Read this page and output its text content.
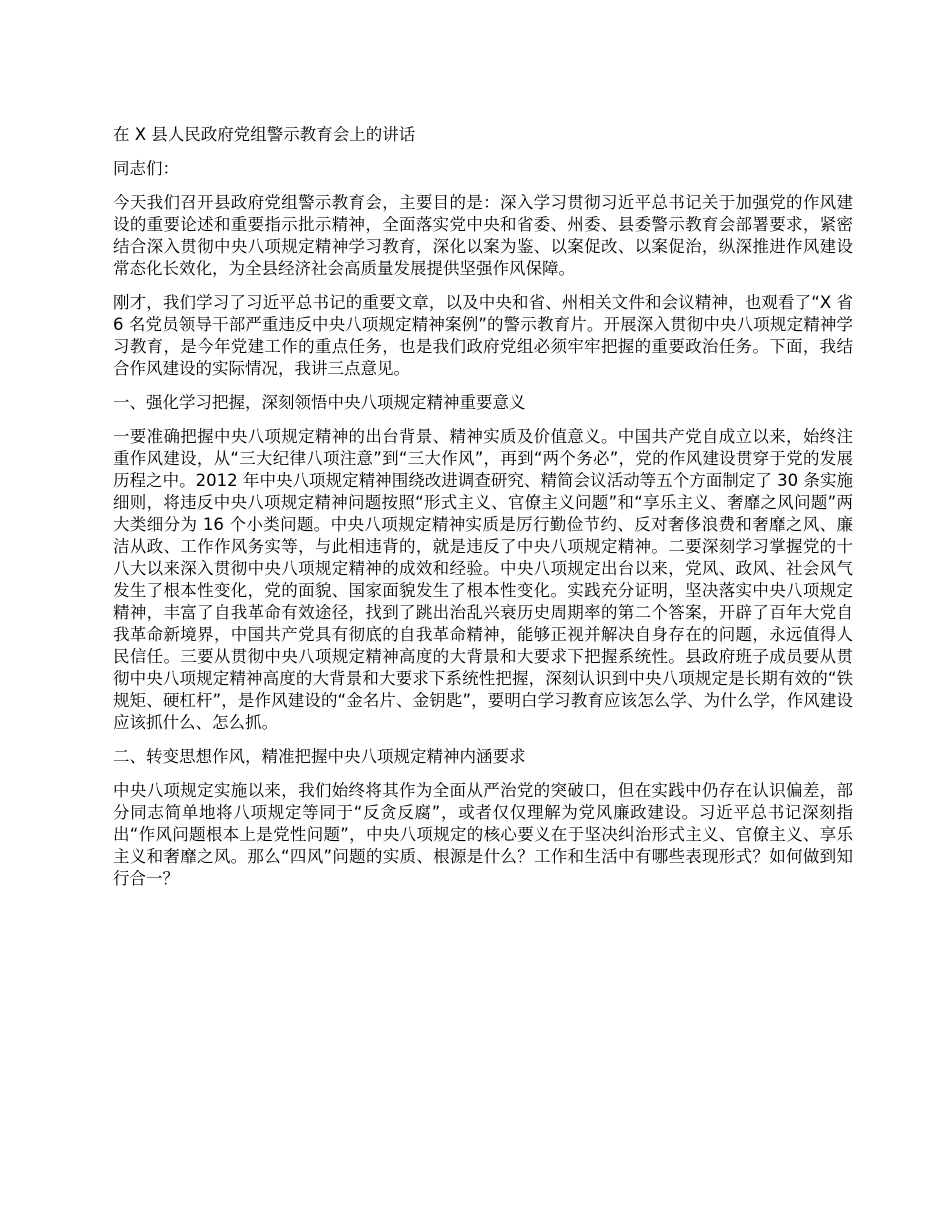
在 X 县人民政府党组警示教育会上的讲话

同志们：

今天我们召开县政府党组警示教育会，主要目的是：深入学习贯彻习近平总书记关于加强党的作风建设的重要论述和重要指示批示精神，全面落实党中央和省委、州委、县委警示教育会部署要求，紧密结合深入贯彻中央八项规定精神学习教育，深化以案为鉴、以案促改、以案促治，纵深推进作风建设常态化长效化，为全县经济社会高质量发展提供坚强作风保障。

刚才，我们学习了习近平总书记的重要文章，以及中央和省、州相关文件和会议精神，也观看了“X 省 6 名党员领导干部严重违反中央八项规定精神案例”的警示教育片。开展深入贯彻中央八项规定精神学习教育，是今年党建工作的重点任务，也是我们政府党组必须牢牢把握的重要政治任务。下面，我结合作风建设的实际情况，我讲三点意见。

一、强化学习把握，深刻领悟中央八项规定精神重要意义

一要准确把握中央八项规定精神的出台背景、精神实质及价值意义。中国共产党自成立以来，始终注重作风建设，从“三大纪律八项注意”到“三大作风”，再到“两个务必”，党的作风建设贯穿于党的发展历程之中。2012 年中央八项规定精神围绕改进调查研究、精简会议活动等五个方面制定了 30 条实施细则，将违反中央八项规定精神问题按照“形式主义、官僚主义问题”和“享乐主义、奢靡之风问题”两大类细分为 16 个小类问题。中央八项规定精神实质是厉行勤俭节约、反对奢侈浪费和奢靡之风、廉洁从政、工作作风务实等，与此相违背的，就是违反了中央八项规定精神。二要深刻学习掌握党的十八大以来深入贯彻中央八项规定精神的成效和经验。中央八项规定出台以来，党风、政风、社会风气发生了根本性变化，党的面貌、国家面貌发生了根本性变化。实践充分证明，坚决落实中央八项规定精神，丰富了自我革命有效途径，找到了跳出治乱兴衰历史周期率的第二个答案，开辟了百年大党自我革命新境界，中国共产党具有彻底的自我革命精神，能够正视并解决自身存在的问题，永远值得人民信任。三要从贯彻中央八项规定精神高度的大背景和大要求下把握系统性。县政府班子成员要从贯彻中央八项规定精神高度的大背景和大要求下系统性把握，深刻认识到中央八项规定是长期有效的“铁规矩、硬杠杆”，是作风建设的“金名片、金钥匙”，要明白学习教育应该怎么学、为什么学，作风建设应该抓什么、怎么抓。

二、转变思想作风，精准把握中央八项规定精神内涵要求

中央八项规定实施以来，我们始终将其作为全面从严治党的突破口，但在实践中仍存在认识偏差，部分同志简单地将八项规定等同于“反贪反腐”，或者仅仅理解为党风廉政建设。习近平总书记深刻指出“作风问题根本上是党性问题”，中央八项规定的核心要义在于坚决纠治形式主义、官僚主义、享乐主义和奢靡之风。那么“四风”问题的实质、根源是什么？工作和生活中有哪些表现形式？如何做到知行合一？
